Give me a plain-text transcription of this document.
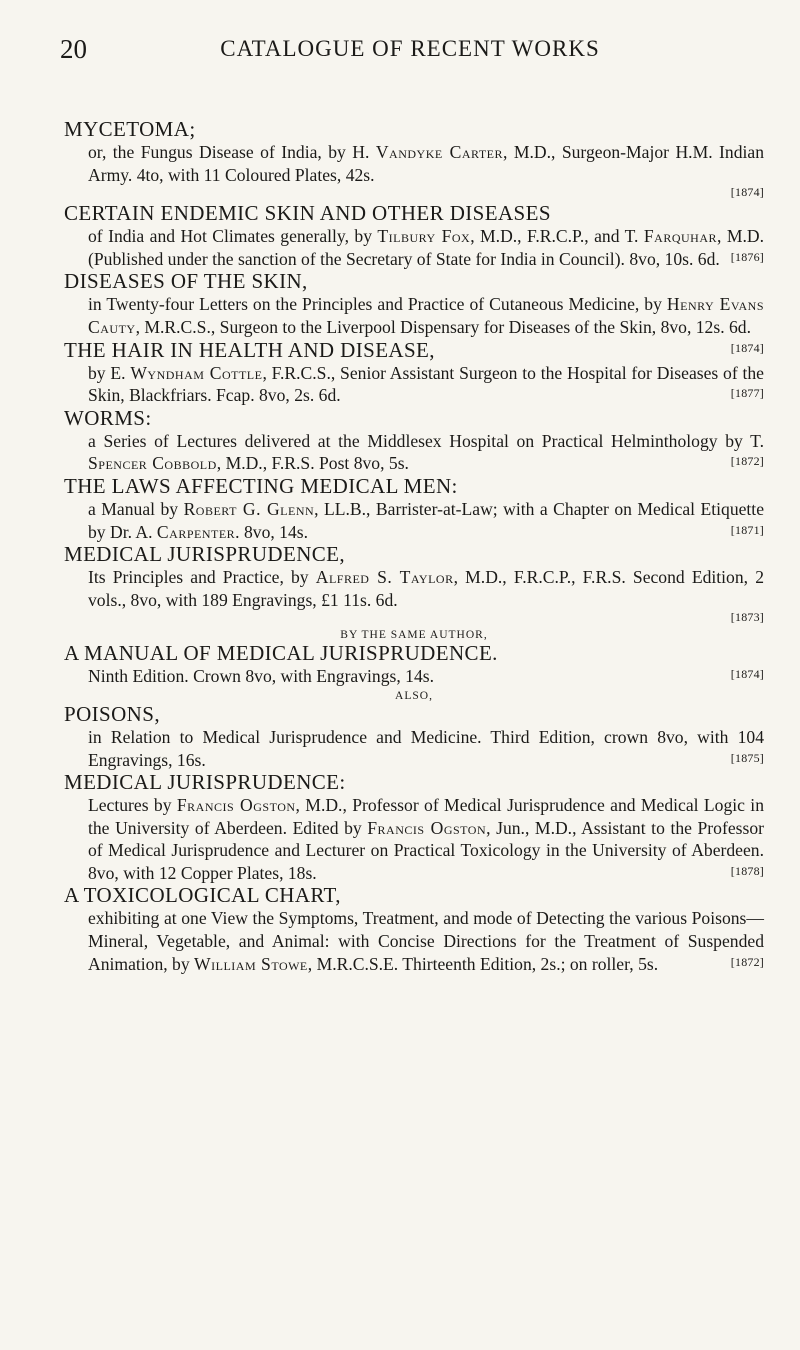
20	CATALOGUE OF RECENT WORKS

MYCETOMA;

or, the Fungus Disease of India, by H. Vandyke Carter, M.D., Surgeon-Major H.M. Indian Army. 4to, with 11 Coloured Plates, 42s.

[1874]

CERTAIN ENDEMIC SKIN AND OTHER DISEASES

of India and Hot Climates generally, by Tilbury Fox, M.D., F.R.C.P., and T. Farquhar, M.D. (Published under the sanction of the Secretary of State for India in Council). 8vo, 10s. 6d. [1876]

DISEASES OF THE SKIN,

in Twenty-four Letters on the Principles and Practice of Cutaneous Medicine, by Henry Evans Cauty, M.R.C.S., Surgeon to the Liverpool Dispensary for Diseases of the Skin, 8vo, 12s. 6d.
[1874]

THE HAIR IN HEALTH AND DISEASE,

by E. Wyndham Cottle, F.R.C.S., Senior Assistant Surgeon to the Hospital for Diseases of the Skin, Blackfriars. Fcap. 8vo, 2s. 6d.	[1877]

WORMS:

a Series of Lectures delivered at the Middlesex Hospital on Practical Helminthology by T. Spencer Cobbold, M.D., F.R.S. Post 8vo, 5s.	[1872]

THE LAWS AFFECTING MEDICAL MEN:

a Manual by Robert G. Glenn, LL.B., Barrister-at-Law; with a Chapter on Medical Etiquette by Dr. A. Carpenter. 8vo, 14s.	[1871]

MEDICAL JURISPRUDENCE,

Its Principles and Practice, by Alfred S. Taylor, M.D., F.R.C.P., F.R.S. Second Edition, 2 vols., 8vo, with 189 Engravings, £1 11s. 6d.

[1873]
BY THE SAME AUTHOR,

A MANUAL OF MEDICAL JURISPRUDENCE.

Ninth Edition. Crown 8vo, with Engravings, 14s.	[1874]

ALSO,

POISONS,

in Relation to Medical Jurisprudence and Medicine. Third Edition, crown 8vo, with 104 Engravings, 16s.	[1875]

MEDICAL JURISPRUDENCE:

Lectures by Francis Ogston, M.D., Professor of Medical Jurisprudence and Medical Logic in the University of Aberdeen. Edited by Francis Ogston, Jun., M.D., Assistant to the Professor of Medical Jurisprudence and Lecturer on Practical Toxicology in the University of Aberdeen. 8vo, with 12 Copper Plates, 18s.	[1878]

A TOXICOLOGICAL CHART,

exhibiting at one View the Symptoms, Treatment, and mode of Detecting the various Poisons—Mineral, Vegetable, and Animal: with Concise Directions for the Treatment of Suspended Animation, by William Stowe, M.R.C.S.E. Thirteenth Edition, 2s.; on roller, 5s.	[1872]
